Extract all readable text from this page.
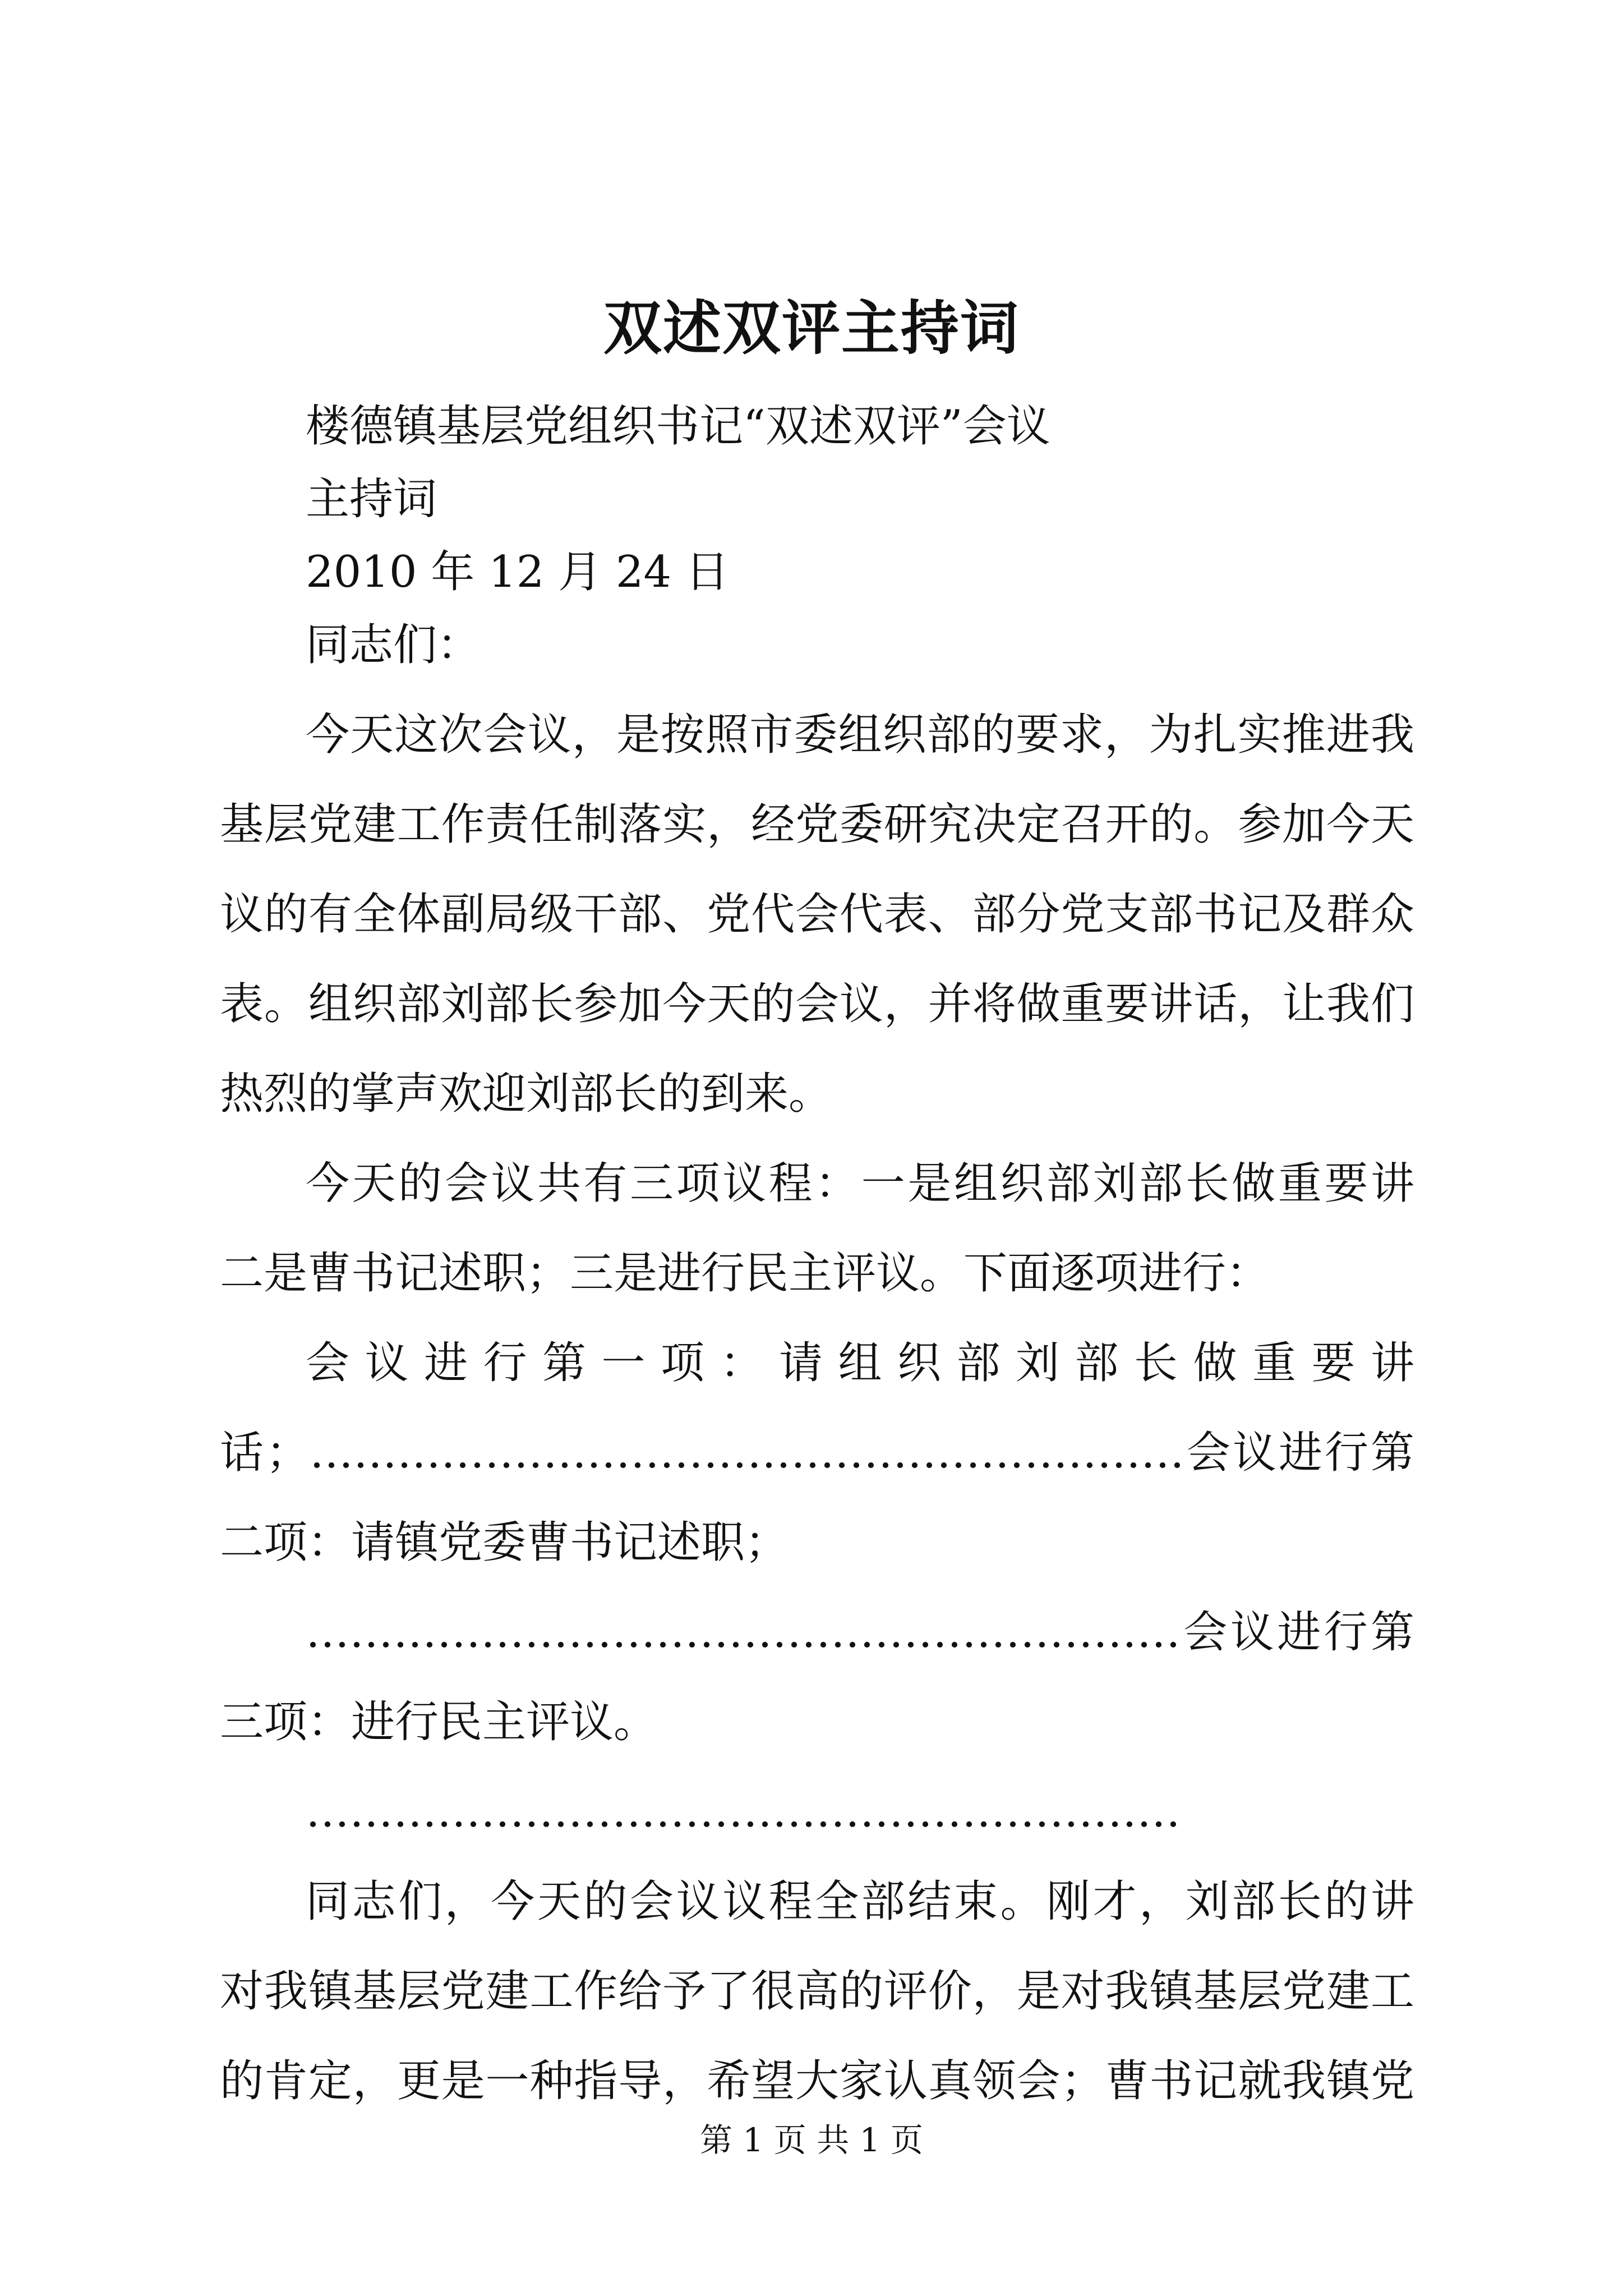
双述双评主持词
楼德镇基层党组织书记“双述双评”会议
主持词
2010 年 12 月 24 日
同志们：
今天这次会议，是按照市委组织部的要求，为扎实推进我
基层党建工作责任制落实，经党委研究决定召开的。参加今天
议的有全体副局级干部、党代会代表、部分党支部书记及群众
表。组织部刘部长参加今天的会议，并将做重要讲话，让我们
热烈的掌声欢迎刘部长的到来。
今天的会议共有三项议程：一是组织部刘部长做重要讲
二是曹书记述职；三是进行民主评议。下面逐项进行：
会议进行第一项：请组织部刘部长做重要讲
话；……………………………………………………会议进行第
二项：请镇党委曹书记述职；
……………………………………………………会议进行第
三项：进行民主评议。
……………………………………………………
同志们，今天的会议议程全部结束。刚才，刘部长的讲
对我镇基层党建工作给予了很高的评价，是对我镇基层党建工
的肯定，更是一种指导，希望大家认真领会；曹书记就我镇党
第 1 页 共 1 页
